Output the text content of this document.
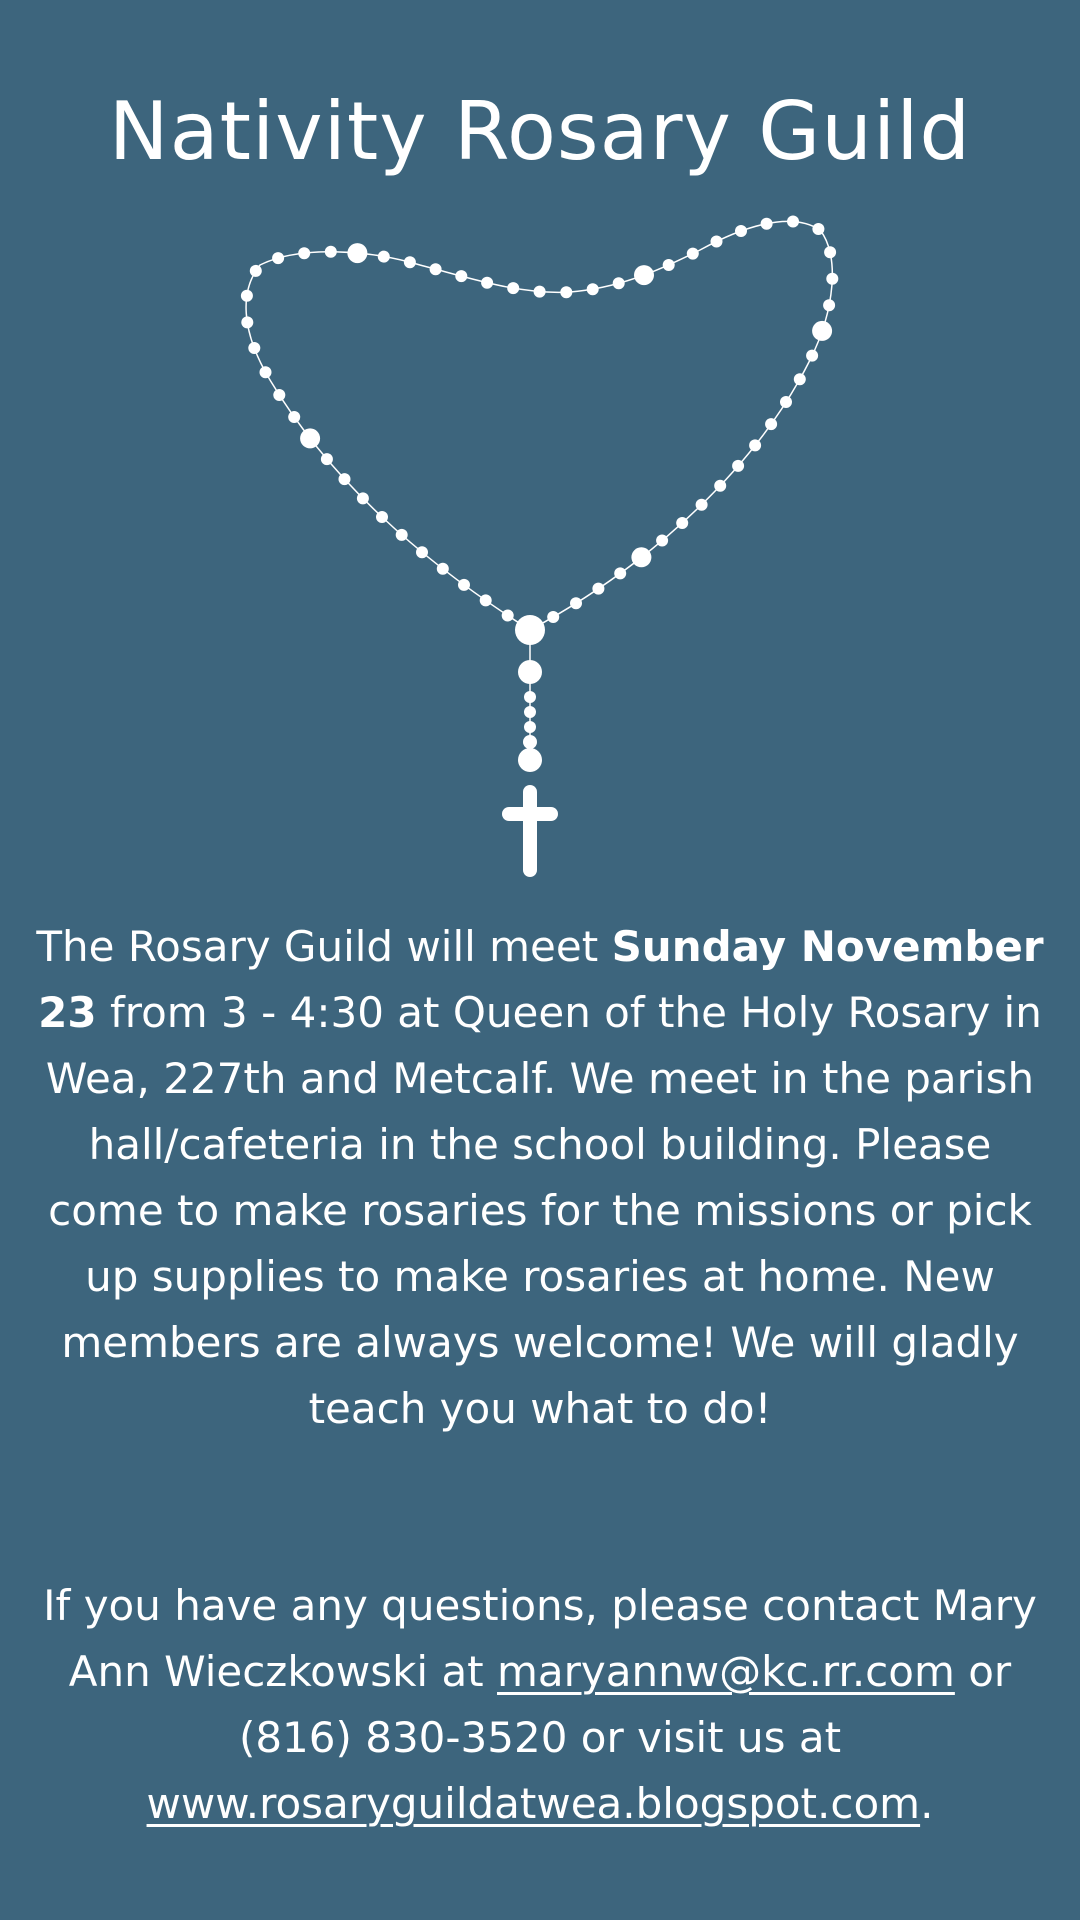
Nativity Rosary Guild

The Rosary Guild will meet Sunday November 23 from 3 - 4:30 at Queen of the Holy Rosary in Wea, 227th and Metcalf. We meet in the parish hall/cafeteria in the school building. Please come to make rosaries for the missions or pick up supplies to make rosaries at home. New members are always welcome! We will gladly teach you what to do!

If you have any questions, please contact Mary Ann Wieczkowski at maryannw@kc.rr.com or (816) 830-3520 or visit us at www.rosaryguildatwea.blogspot.com.
